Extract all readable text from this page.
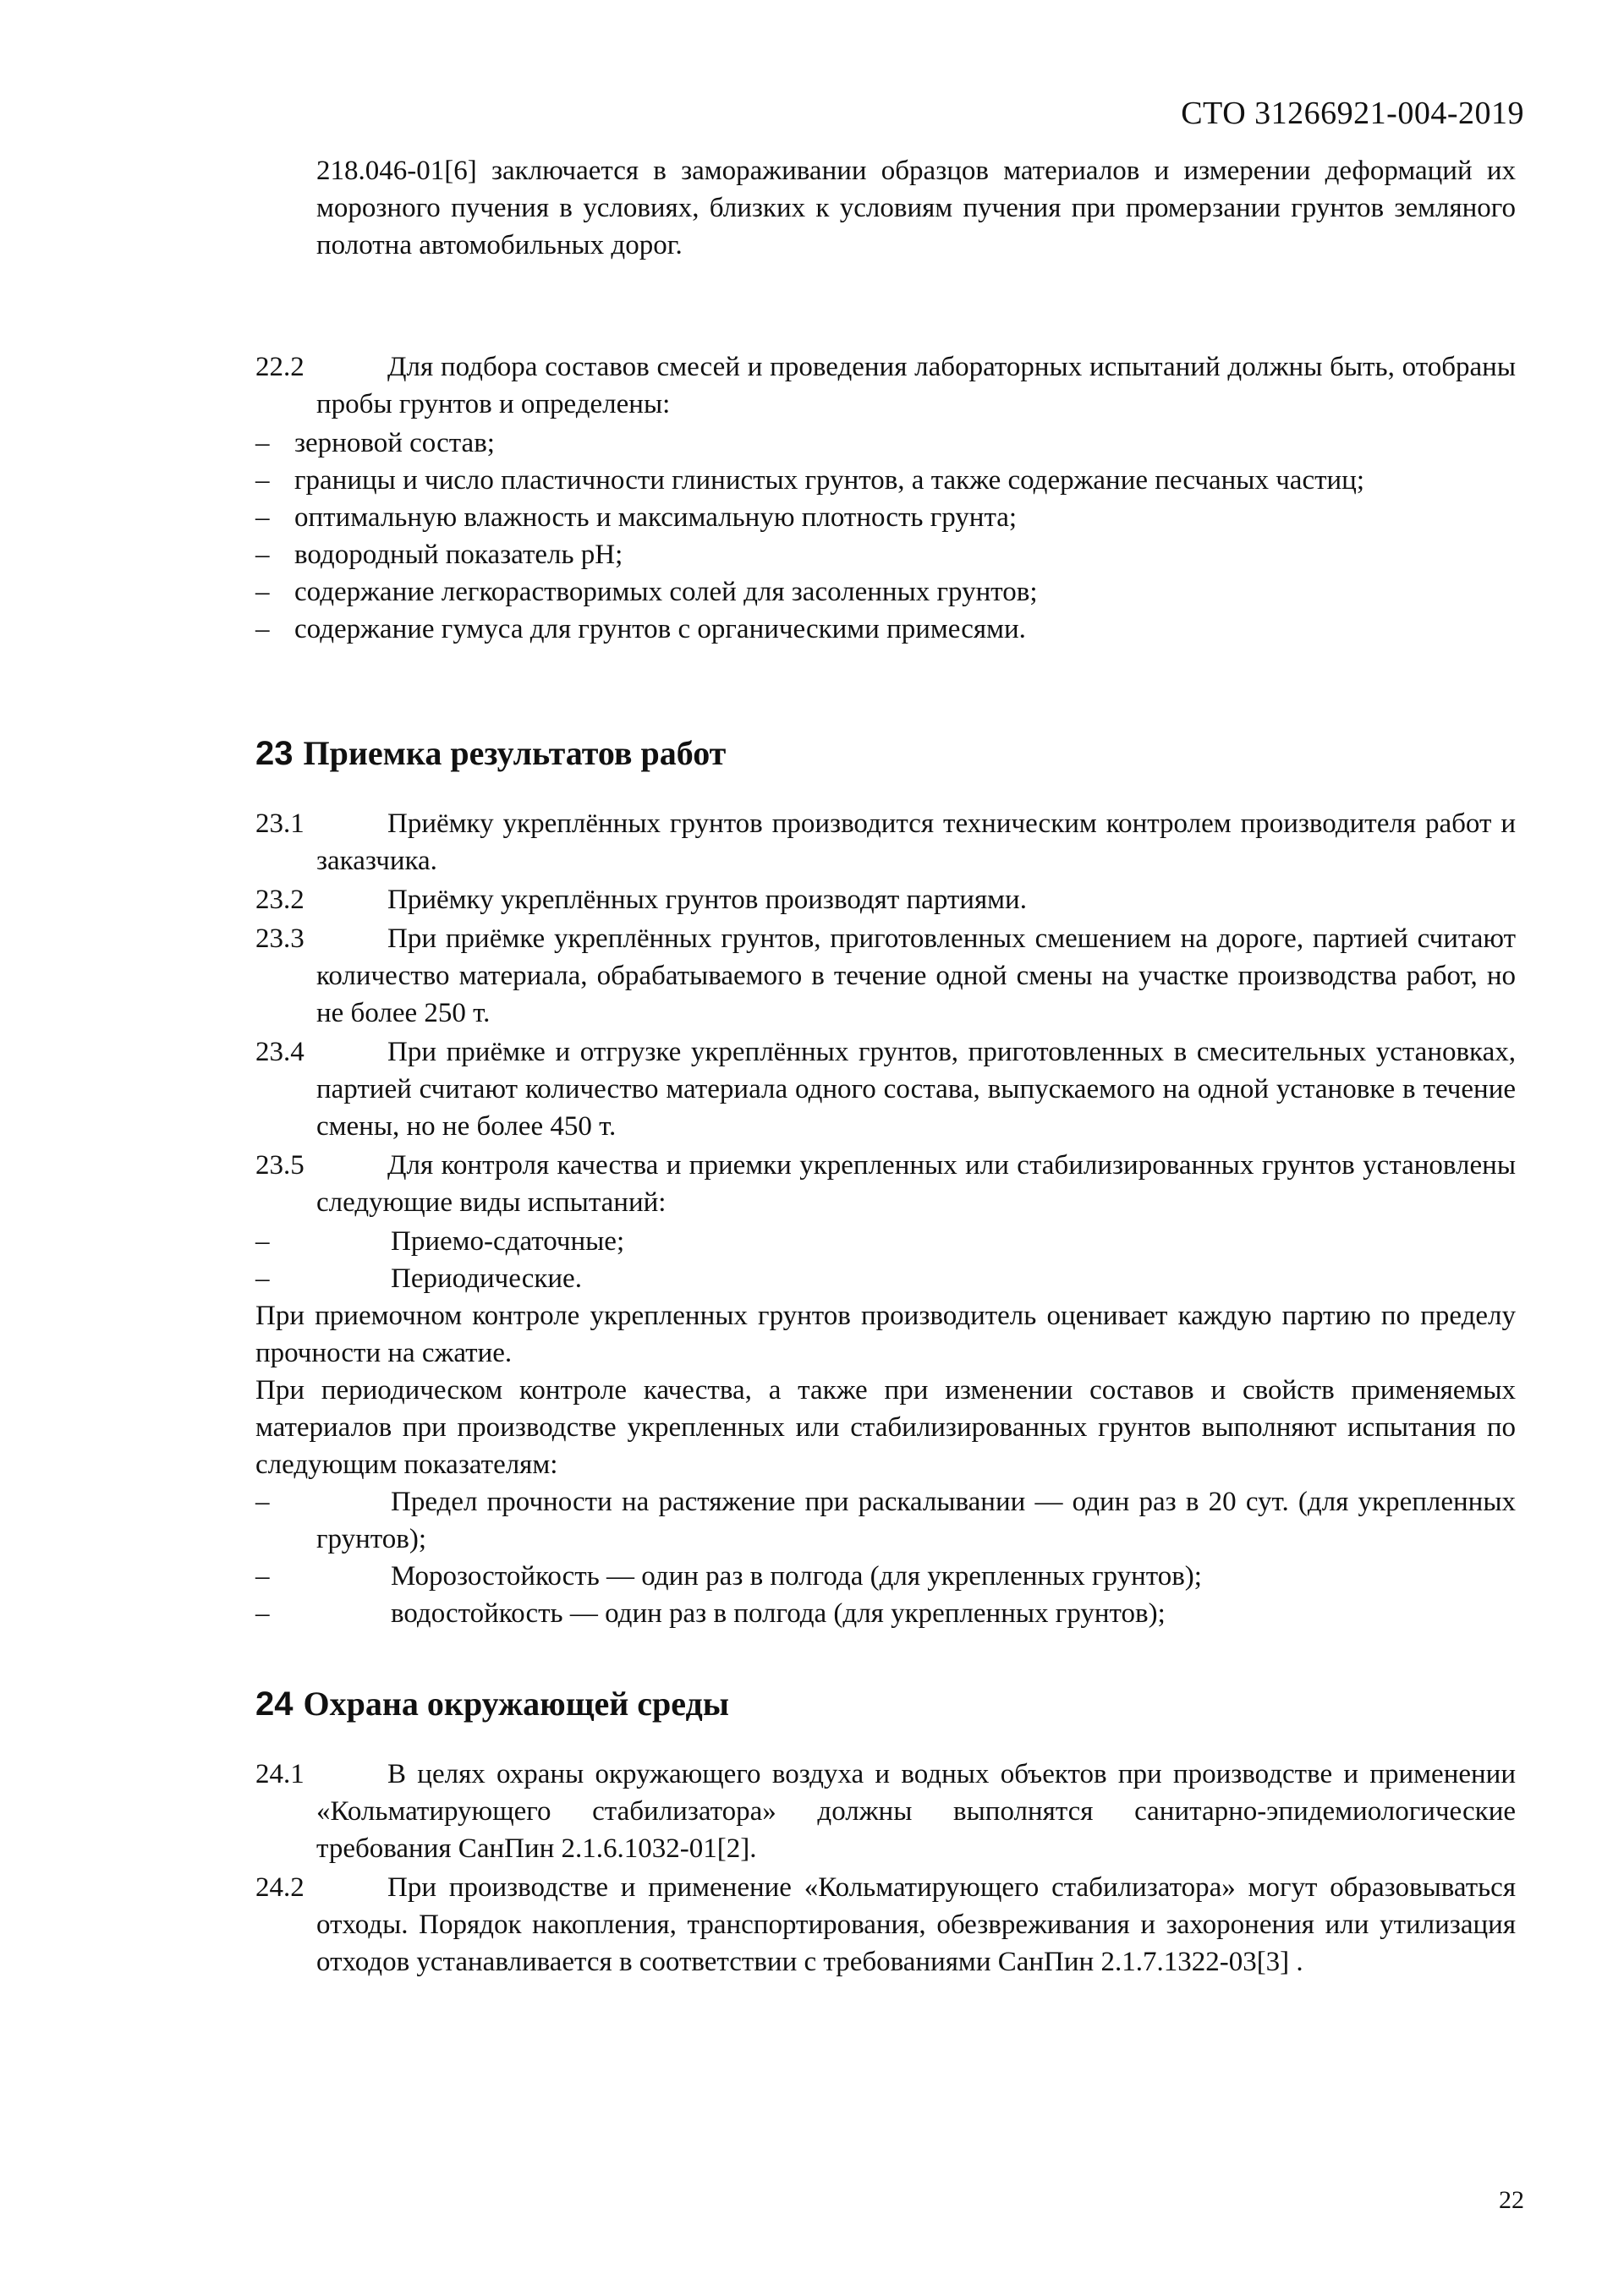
СТО 31266921-004-2019

218.046-01[6] заключается в замораживании образцов материалов и измерении деформаций их морозного пучения в условиях, близких к условиям пучения при промерзании грунтов земляного полотна автомобильных дорог.

22.2	Для подбора составов смесей и проведения лабораторных испытаний должны быть, отобраны пробы грунтов и определены:
– зерновой состав;
– границы и число пластичности глинистых грунтов, а также содержание песчаных частиц;
– оптимальную влажность и максимальную плотность грунта;
– водородный показатель pH;
– содержание легкорастворимых солей для засоленных грунтов;
– содержание гумуса для грунтов с органическими примесями.
23 Приемка результатов работ
23.1	Приёмку укреплённых грунтов производится техническим контролем производителя работ и заказчика.
23.2	Приёмку укреплённых грунтов производят партиями.
23.3	При приёмке укреплённых грунтов, приготовленных смешением на дороге, партией считают количество материала, обрабатываемого в течение одной смены на участке производства работ, но не более 250 т.
23.4	При приёмке и отгрузке укреплённых грунтов, приготовленных в смесительных установках, партией считают количество материала одного состава, выпускаемого на одной установке в течение смены, но не более 450 т.
23.5	Для контроля качества и приемки укрепленных или стабилизированных грунтов установлены следующие виды испытаний:
–	Приемо-сдаточные;
–	Периодические.

При приемочном контроле укрепленных грунтов производитель оценивает каждую партию по пределу прочности на сжатие.

При периодическом контроле качества, а также при изменении составов и свойств применяемых материалов при производстве укрепленных или стабилизированных грунтов выполняют испытания по следующим показателям:

–	Предел прочности на растяжение при раскалывании — один раз в 20 сут. (для укрепленных грунтов);
–	Морозостойкость — один раз в полгода (для укрепленных грунтов);
–	водостойкость — один раз в полгода (для укрепленных грунтов);
24 Охрана окружающей среды
24.1	В целях охраны окружающего воздуха и водных объектов при производстве и применении «Кольматирующего стабилизатора» должны выполнятся санитарно-эпидемиологические требования СанПин 2.1.6.1032-01[2].
24.2	При производстве и применение «Кольматирующего стабилизатора» могут образовываться отходы. Порядок накопления, транспортирования, обезвреживания и захоронения или утилизация отходов устанавливается в соответствии с требованиями СанПин 2.1.7.1322-03[3] .
22
